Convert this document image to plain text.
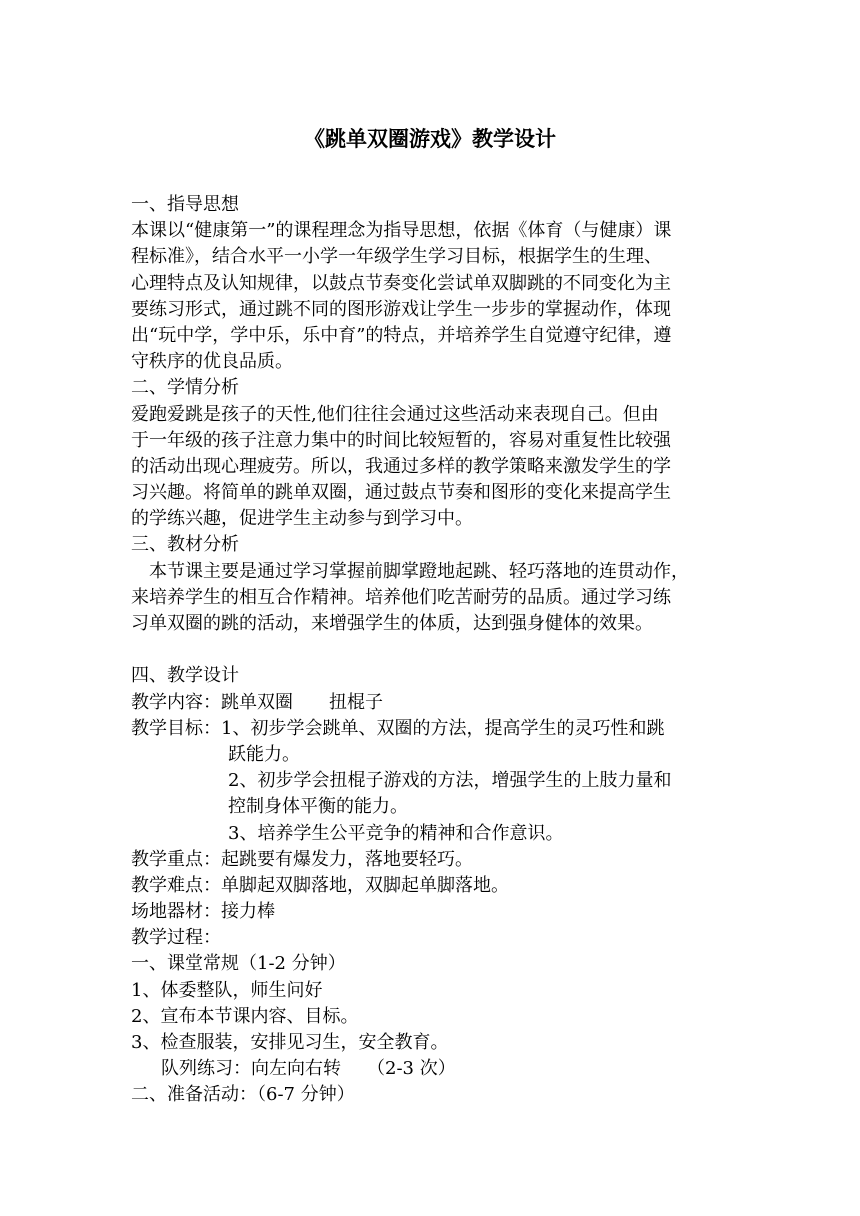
《跳单双圈游戏》教学设计
一、指导思想
本课以“健康第一”的课程理念为指导思想，依据《体育（与健康）课
程标准》，结合水平一小学一年级学生学习目标，根据学生的生理、
心理特点及认知规律，以鼓点节奏变化尝试单双脚跳的不同变化为主
要练习形式，通过跳不同的图形游戏让学生一步步的掌握动作，体现
出“玩中学，学中乐，乐中育”的特点，并培养学生自觉遵守纪律，遵
守秩序的优良品质。
二、学情分析
爱跑爱跳是孩子的天性,他们往往会通过这些活动来表现自己。但由
于一年级的孩子注意力集中的时间比较短暂的，容易对重复性比较强
的活动出现心理疲劳。所以，我通过多样的教学策略来激发学生的学
习兴趣。将简单的跳单双圈，通过鼓点节奏和图形的变化来提高学生
的学练兴趣，促进学生主动参与到学习中。
三、教材分析
本节课主要是通过学习掌握前脚掌蹬地起跳、轻巧落地的连贯动作，
来培养学生的相互合作精神。培养他们吃苦耐劳的品质。通过学习练
习单双圈的跳的活动，来增强学生的体质，达到强身健体的效果。
四、教学设计
教学内容：跳单双圈 扭棍子
教学目标：1、初步学会跳单、双圈的方法，提高学生的灵巧性和跳
跃能力。
2、初步学会扭棍子游戏的方法，增强学生的上肢力量和
控制身体平衡的能力。
3、培养学生公平竞争的精神和合作意识。
教学重点：起跳要有爆发力，落地要轻巧。
教学难点：单脚起双脚落地，双脚起单脚落地。
场地器材：接力棒
教学过程：
一、课堂常规（1-2 分钟）
1、体委整队，师生问好
2、宣布本节课内容、目标。
3、检查服装，安排见习生，安全教育。
队列练习：向左向右转 （2-3 次）
二、准备活动：（6-7 分钟）
